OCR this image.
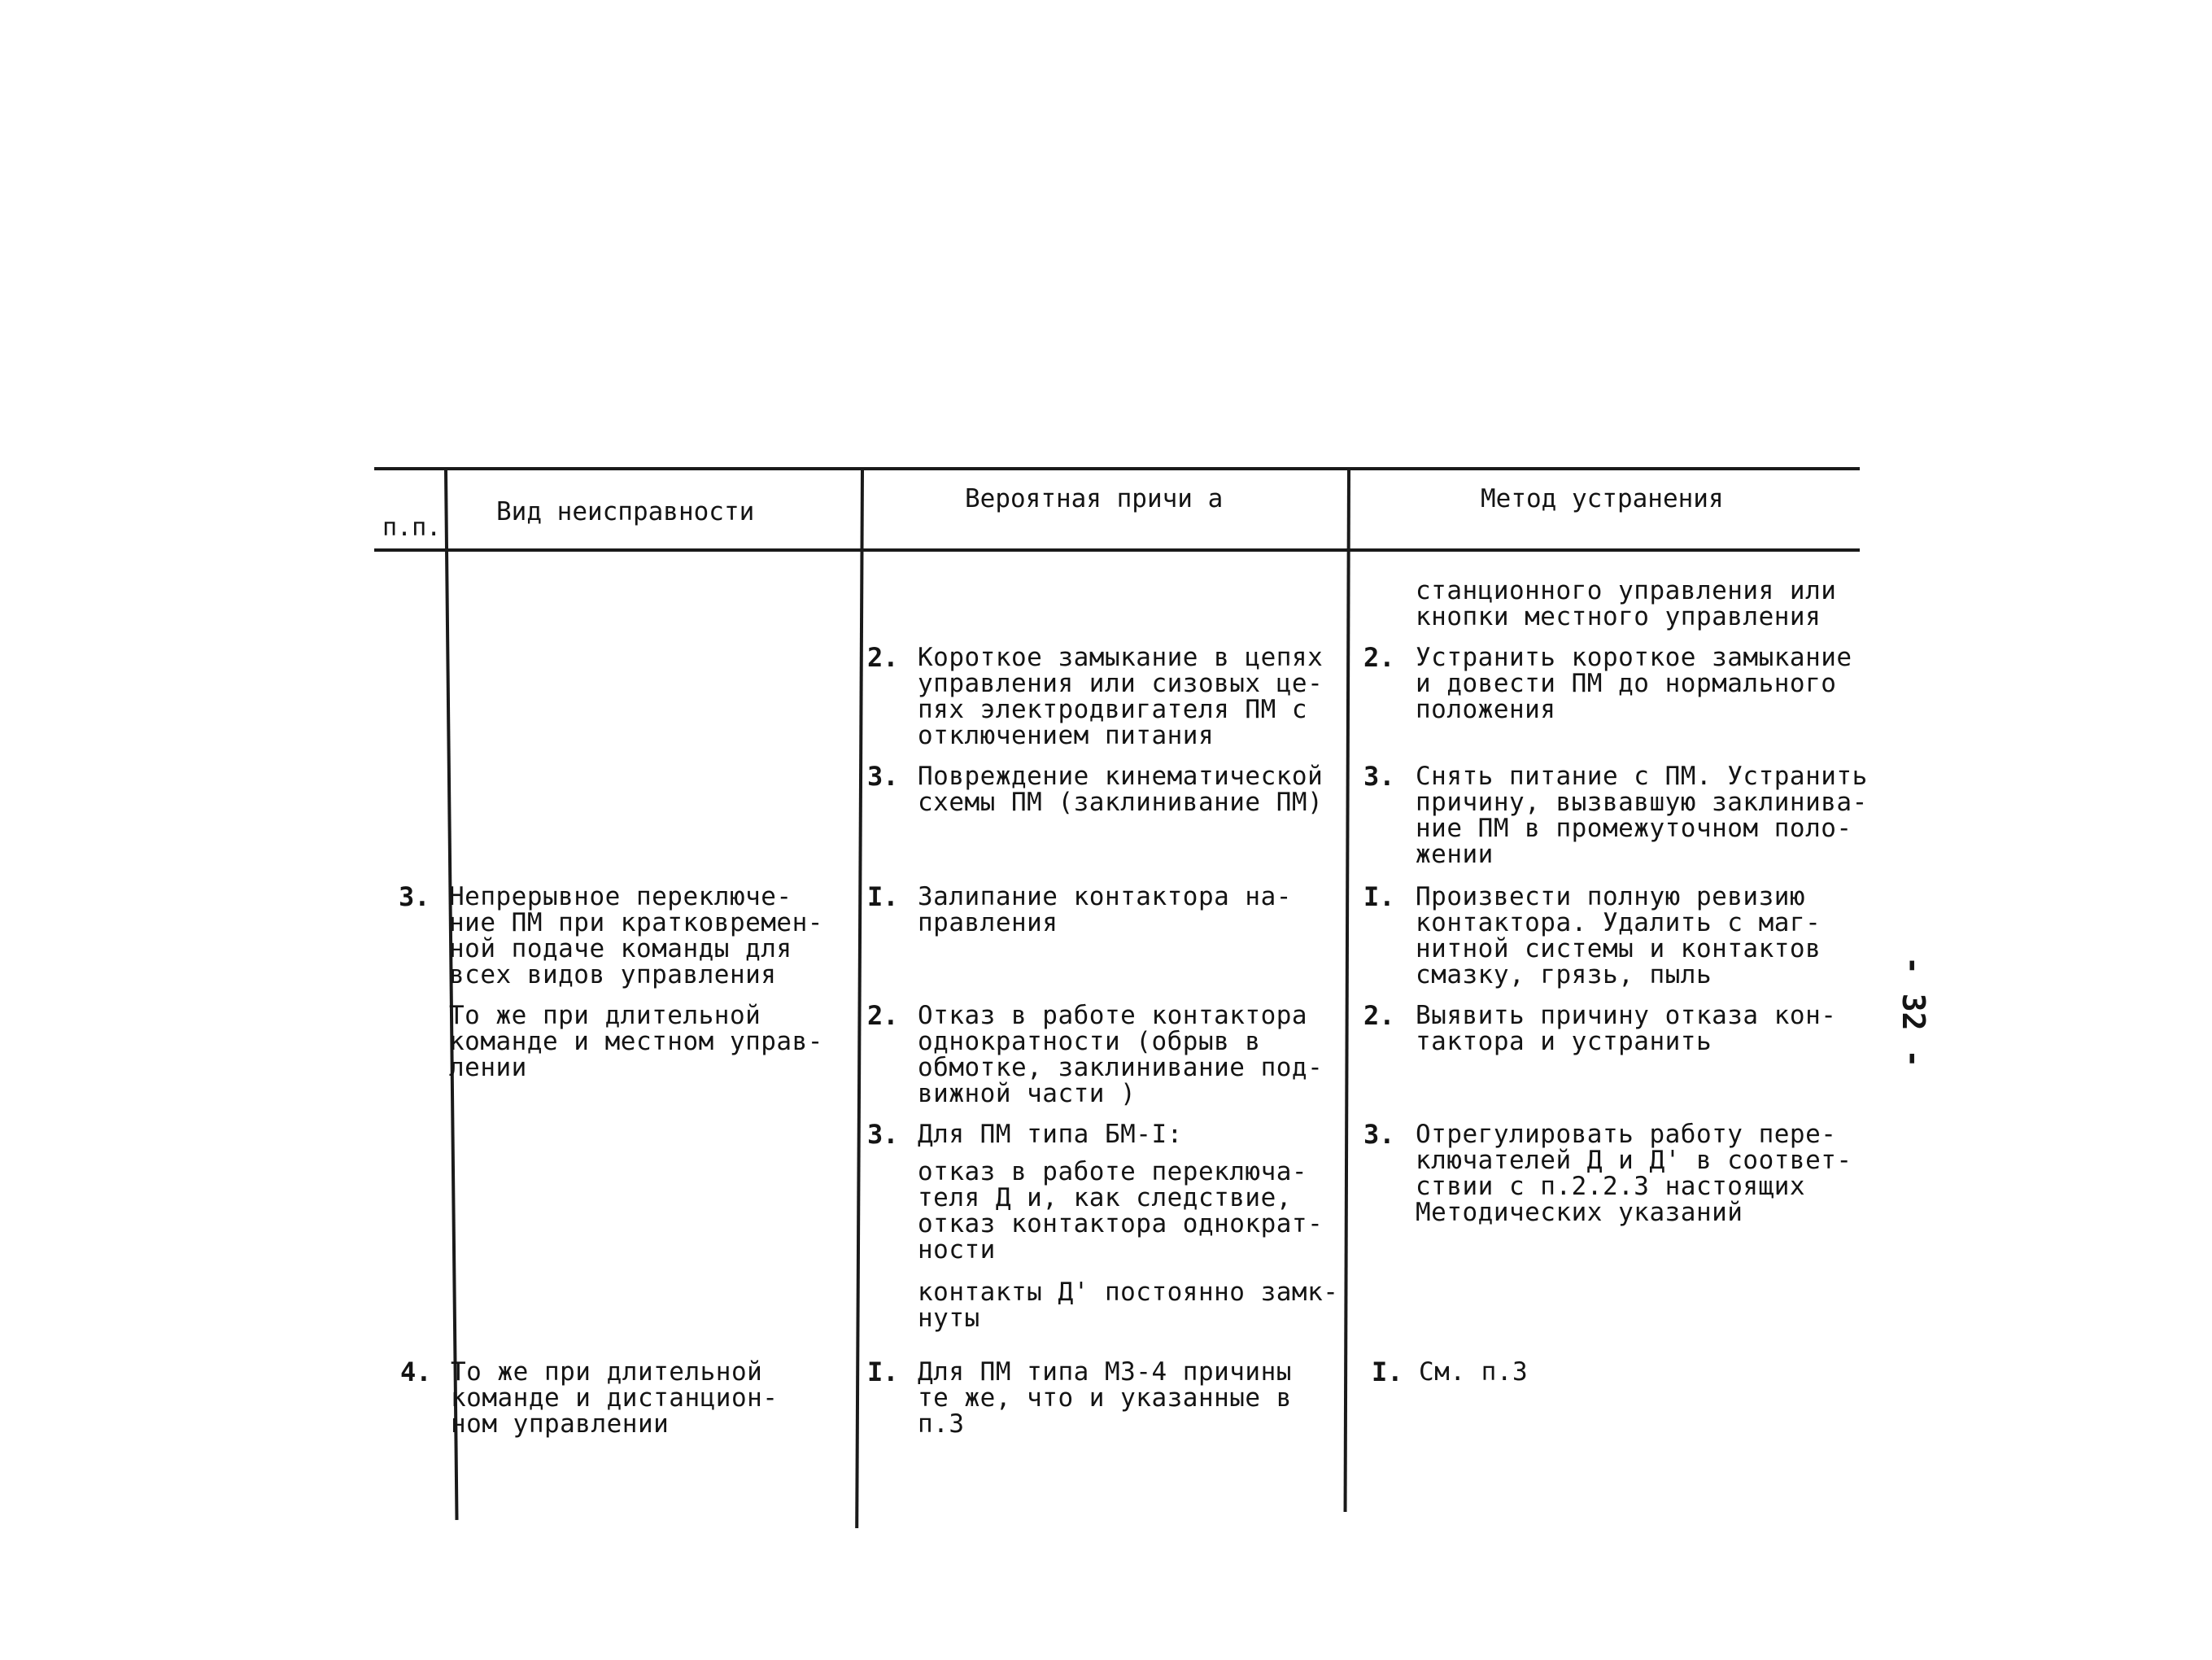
п.п.
Вид неисправности	Вероятная причи а	Метод устранения
станционного управления или
кнопки местного управления
2. Короткое замыкание в цепях
управления или сизовых це-
пях электродвигателя ПМ с
отключением питания
2. Устранить короткое замыкание
и довести ПМ до нормального
положения
3. Повреждение кинематической
схемы ПМ (заклинивание ПМ)
3. Снять питание с ПМ. Устранить
причину, вызвавшую заклинива-
ние ПМ в промежуточном поло-
жении
3. Непрерывное переключе-
ние ПМ при кратковремен-
ной подаче команды для
всех видов управления
То же при длительной
команде и местном управ-
лении
I. Залипание контактора на-
правления
I. Произвести полную ревизию
контактора. Удалить с маг-
нитной системы и контактов
смазку, грязь, пыль
2. Отказ в работе контактора
однократности (обрыв в
обмотке, заклинивание под-
вижной части )
2. Выявить причину отказа кон-
тактора и устранить
3. Для ПМ типа БМ-I:
отказ в работе переключа-
теля Д и, как следствие,
отказ контактора однократ-
ности
контакты Д' постоянно замк-
нуты
3. Отрегулировать работу пере-
ключателей Д и Д' в соответ-
ствии с п.2.2.3 настоящих
Методических указаний
4. То же при длительной
команде и дистанцион-
ном управлении
I. Для ПМ типа МЗ-4 причины
те же, что и указанные в
п.3
I. См. п.3
- 32 -
